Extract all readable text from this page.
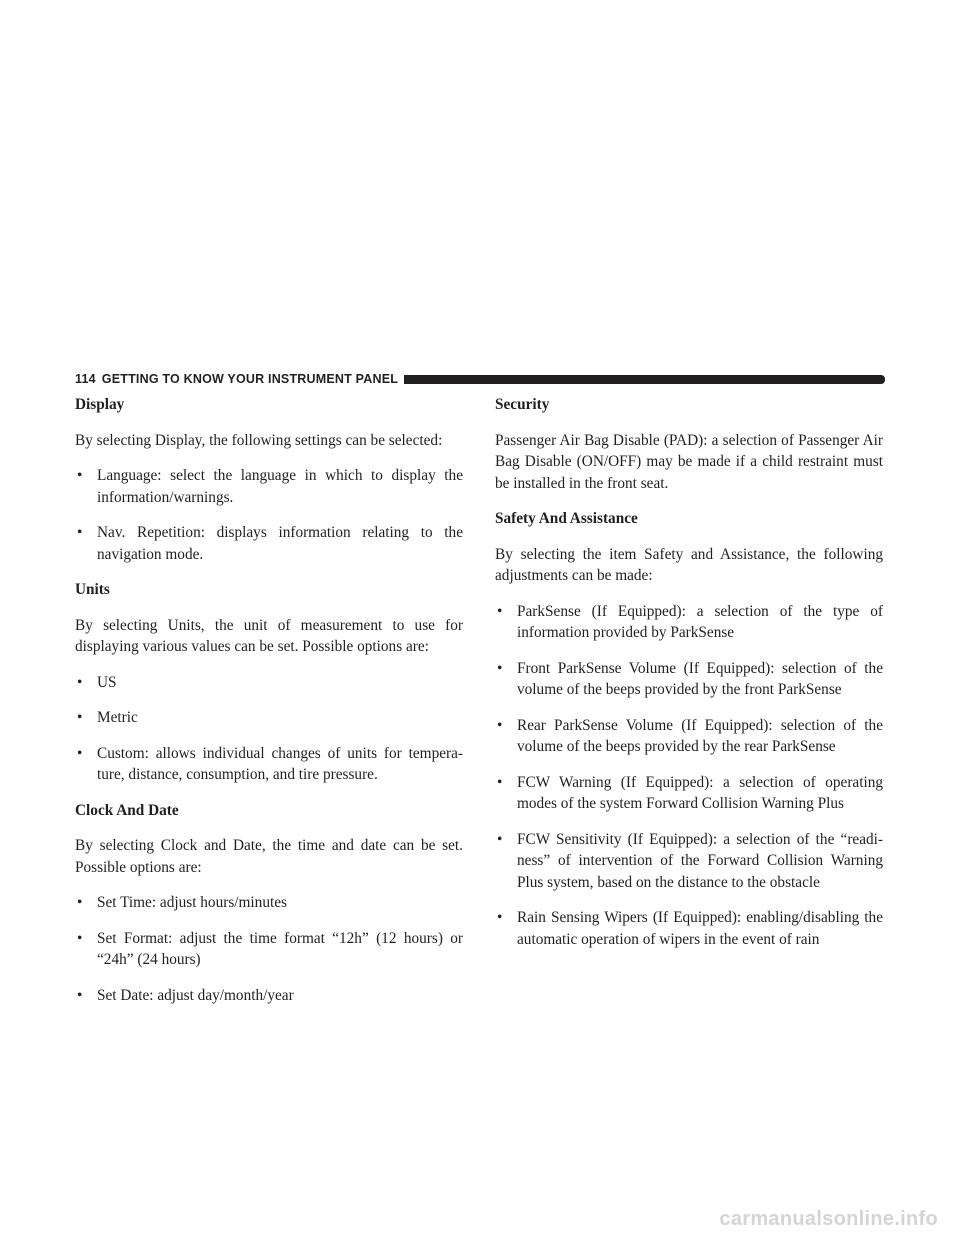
114 GETTING TO KNOW YOUR INSTRUMENT PANEL
Display

By selecting Display, the following settings can be selected:

• Language: select the language in which to display the information/warnings.
• Nav. Repetition: displays information relating to the navigation mode.
Units

By selecting Units, the unit of measurement to use for displaying various values can be set. Possible options are:

• US
• Metric
• Custom: allows individual changes of units for tempera-ture, distance, consumption, and tire pressure.
Clock And Date

By selecting Clock and Date, the time and date can be set. Possible options are:

• Set Time: adjust hours/minutes
• Set Format: adjust the time format “12h” (12 hours) or “24h” (24 hours)
• Set Date: adjust day/month/year
Security

Passenger Air Bag Disable (PAD): a selection of Passenger Air Bag Disable (ON/OFF) may be made if a child restraint must be installed in the front seat.

Safety And Assistance

By selecting the item Safety and Assistance, the following adjustments can be made:

• ParkSense (If Equipped): a selection of the type of information provided by ParkSense
• Front ParkSense Volume (If Equipped): selection of the volume of the beeps provided by the front ParkSense
• Rear ParkSense Volume (If Equipped): selection of the volume of the beeps provided by the rear ParkSense
• FCW Warning (If Equipped): a selection of operating modes of the system Forward Collision Warning Plus
• FCW Sensitivity (If Equipped): a selection of the “readi-ness” of intervention of the Forward Collision Warning Plus system, based on the distance to the obstacle
• Rain Sensing Wipers (If Equipped): enabling/disabling the automatic operation of wipers in the event of rain
carmanualsonline.info
